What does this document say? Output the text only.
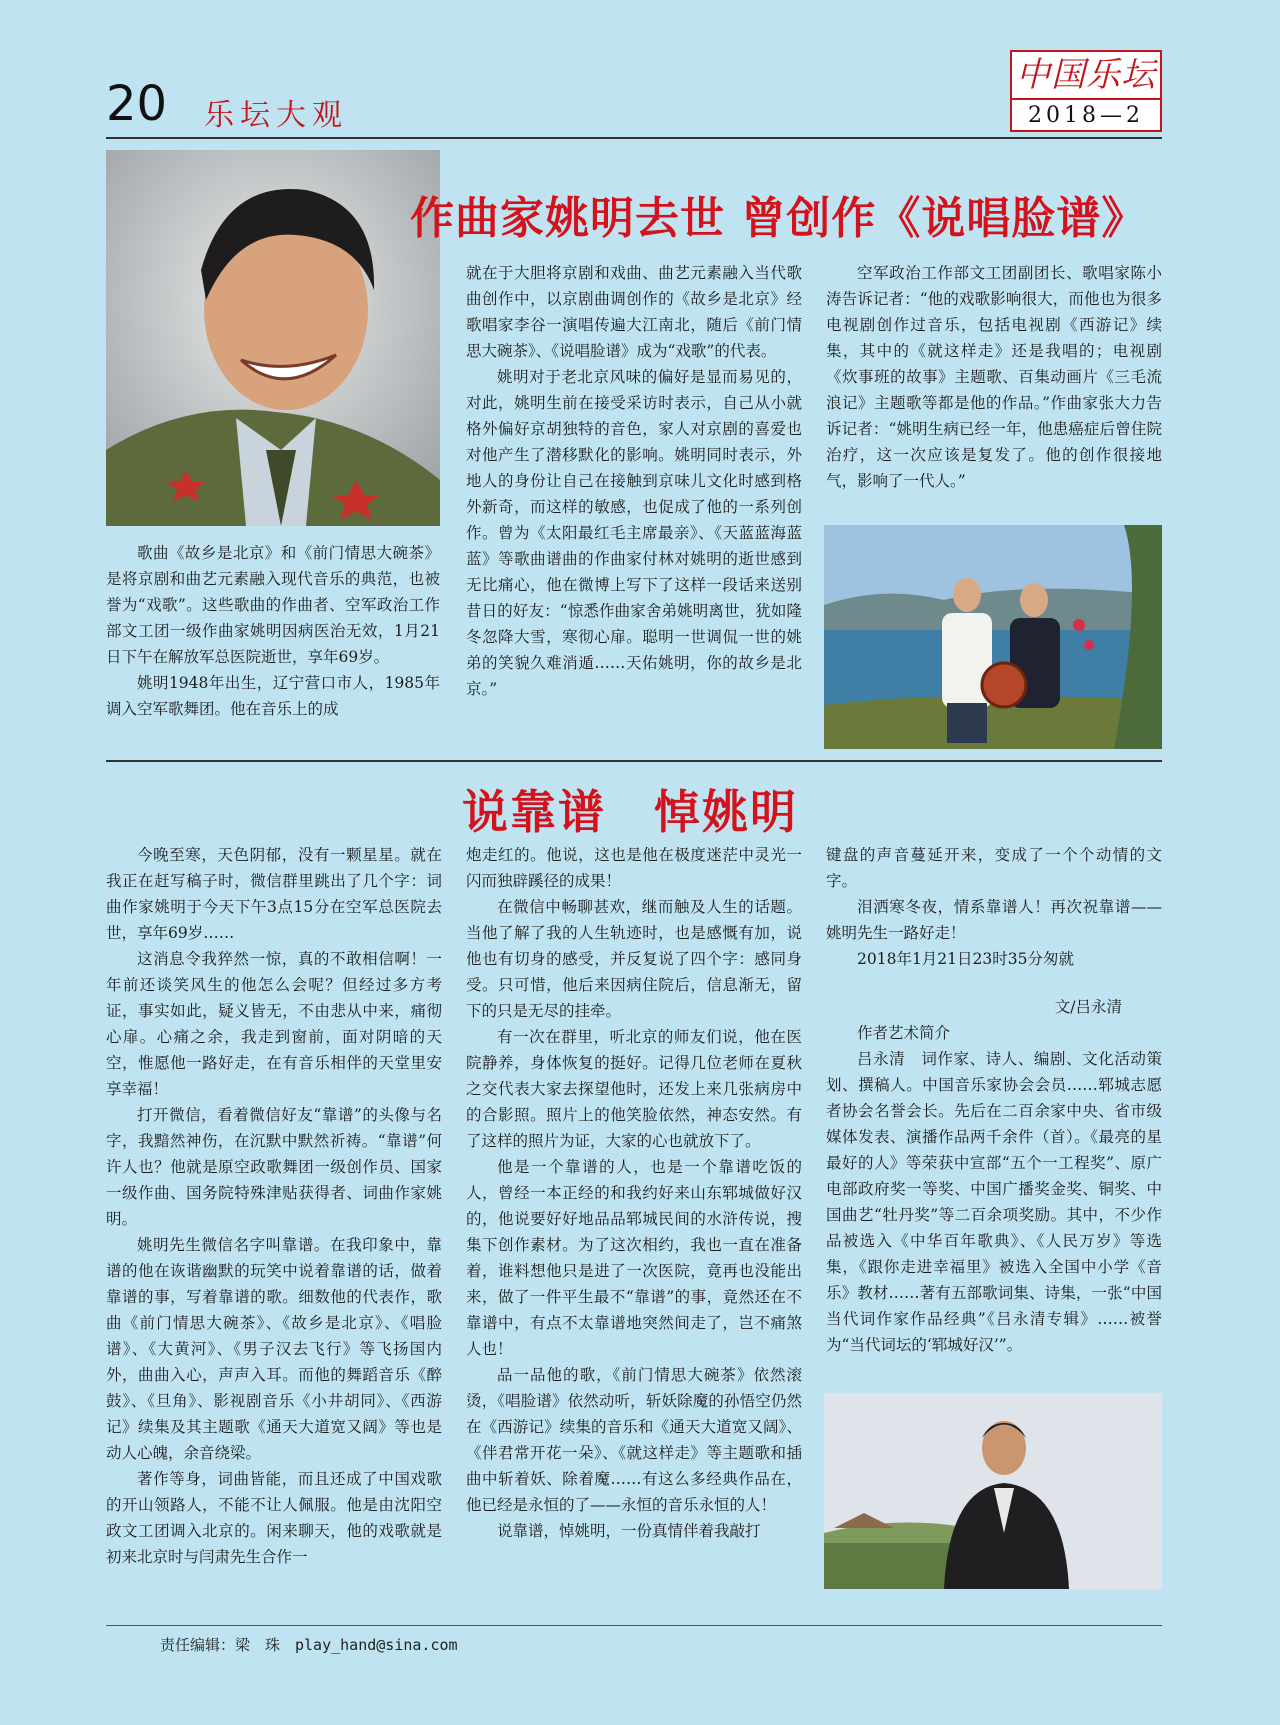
20 乐坛大观
中国乐坛
2018—2
作曲家姚明去世 曾创作《说唱脸谱》

歌曲《故乡是北京》和《前门情思大碗茶》是将京剧和曲艺元素融入现代音乐的典范，也被誉为“戏歌”。这些歌曲的作曲者、空军政治工作部文工团一级作曲家姚明因病医治无效，1月21日下午在解放军总医院逝世，享年69岁。

姚明1948年出生，辽宁营口市人，1985年调入空军歌舞团。他在音乐上的成

就在于大胆将京剧和戏曲、曲艺元素融入当代歌曲创作中，以京剧曲调创作的《故乡是北京》经歌唱家李谷一演唱传遍大江南北，随后《前门情思大碗茶》、《说唱脸谱》成为“戏歌”的代表。

姚明对于老北京风味的偏好是显而易见的，对此，姚明生前在接受采访时表示，自己从小就格外偏好京胡独特的音色，家人对京剧的喜爱也对他产生了潜移默化的影响。姚明同时表示，外地人的身份让自己在接触到京味儿文化时感到格外新奇，而这样的敏感，也促成了他的一系列创作。曾为《太阳最红毛主席最亲》、《天蓝蓝海蓝蓝》等歌曲谱曲的作曲家付林对姚明的逝世感到无比痛心，他在微博上写下了这样一段话来送别昔日的好友：“惊悉作曲家舍弟姚明离世，犹如隆冬忽降大雪，寒彻心扉。聪明一世调侃一世的姚弟的笑貌久难消遁……天佑姚明，你的故乡是北京。”

空军政治工作部文工团副团长、歌唱家陈小涛告诉记者：“他的戏歌影响很大，而他也为很多电视剧创作过音乐，包括电视剧《西游记》续集，其中的《就这样走》还是我唱的；电视剧《炊事班的故事》主题歌、百集动画片《三毛流浪记》主题歌等都是他的作品。”作曲家张大力告诉记者：“姚明生病已经一年，他患癌症后曾住院治疗，这一次应该是复发了。他的创作很接地气，影响了一代人。”

说靠谱　悼姚明

今晚至寒，天色阴郁，没有一颗星星。就在我正在赶写稿子时，微信群里跳出了几个字：词曲作家姚明于今天下午3点15分在空军总医院去世，享年69岁……

这消息令我猝然一惊，真的不敢相信啊！一年前还谈笑风生的他怎么会呢？但经过多方考证，事实如此，疑义皆无，不由悲从中来，痛彻心扉。心痛之余，我走到窗前，面对阴暗的天空，惟愿他一路好走，在有音乐相伴的天堂里安享幸福！

打开微信，看着微信好友“靠谱”的头像与名字，我黯然神伤，在沉默中默然祈祷。“靠谱”何许人也？他就是原空政歌舞团一级创作员、国家一级作曲、国务院特殊津贴获得者、词曲作家姚明。

姚明先生微信名字叫靠谱。在我印象中，靠谱的他在诙谐幽默的玩笑中说着靠谱的话，做着靠谱的事，写着靠谱的歌。细数他的代表作，歌曲《前门情思大碗茶》、《故乡是北京》、《唱脸谱》、《大黄河》、《男子汉去飞行》等飞扬国内外，曲曲入心，声声入耳。而他的舞蹈音乐《醉鼓》、《旦角》、影视剧音乐《小井胡同》、《西游记》续集及其主题歌《通天大道宽又阔》等也是动人心魄，余音绕梁。

著作等身，词曲皆能，而且还成了中国戏歌的开山领路人，不能不让人佩服。他是由沈阳空政文工团调入北京的。闲来聊天，他的戏歌就是初来北京时与闫肃先生合作一

炮走红的。他说，这也是他在极度迷茫中灵光一闪而独辟蹊径的成果！

在微信中畅聊甚欢，继而触及人生的话题。当他了解了我的人生轨迹时，也是感慨有加，说他也有切身的感受，并反复说了四个字：感同身受。只可惜，他后来因病住院后，信息渐无，留下的只是无尽的挂牵。

有一次在群里，听北京的师友们说，他在医院静养，身体恢复的挺好。记得几位老师在夏秋之交代表大家去探望他时，还发上来几张病房中的合影照。照片上的他笑脸依然，神态安然。有了这样的照片为证，大家的心也就放下了。

他是一个靠谱的人，也是一个靠谱吃饭的人，曾经一本正经的和我约好来山东郓城做好汉的，他说要好好地品品郓城民间的水浒传说，搜集下创作素材。为了这次相约，我也一直在准备着，谁料想他只是进了一次医院，竟再也没能出来，做了一件平生最不“靠谱”的事，竟然还在不靠谱中，有点不太靠谱地突然间走了，岂不痛煞人也！

品一品他的歌，《前门情思大碗茶》依然滚烫，《唱脸谱》依然动听，斩妖除魔的孙悟空仍然在《西游记》续集的音乐和《通天大道宽又阔》、《伴君常开花一朵》、《就这样走》等主题歌和插曲中斩着妖、除着魔……有这么多经典作品在，他已经是永恒的了——永恒的音乐永恒的人！

说靠谱，悼姚明，一份真情伴着我敲打

键盘的声音蔓延开来，变成了一个个动情的文字。

泪洒寒冬夜，情系靠谱人！再次祝靠谱——姚明先生一路好走！

2018年1月21日23时35分匆就

文/吕永清

作者艺术简介

吕永清　词作家、诗人、编剧、文化活动策划、撰稿人。中国音乐家协会会员……郓城志愿者协会名誉会长。先后在二百余家中央、省市级媒体发表、演播作品两千余件（首）。《最亮的星最好的人》等荣获中宣部“五个一工程奖”、原广电部政府奖一等奖、中国广播奖金奖、铜奖、中国曲艺“牡丹奖”等二百余项奖励。其中，不少作品被选入《中华百年歌典》、《人民万岁》等选集，《跟你走进幸福里》被选入全国中小学《音乐》教材……著有五部歌词集、诗集，一张“中国当代词作家作品经典”《吕永清专辑》……被誉为“当代词坛的‘郓城好汉’”。

责任编辑：梁　珠　play_hand@sina.com
